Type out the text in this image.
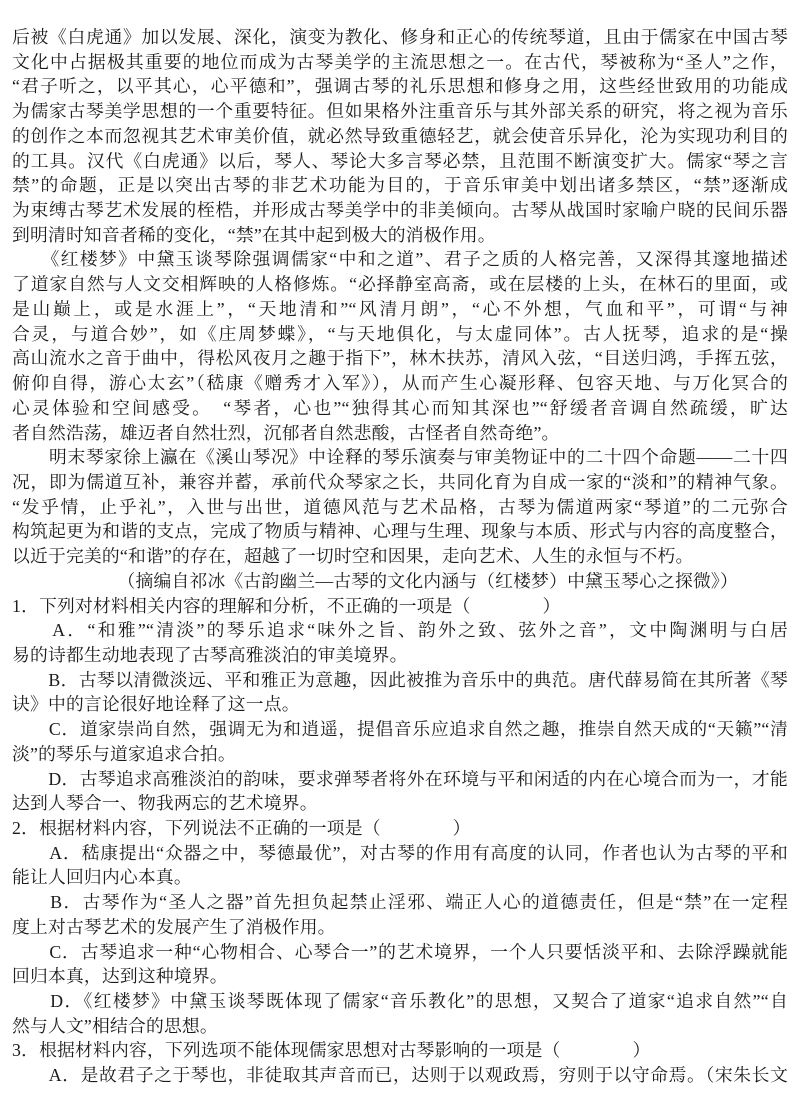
后被《白虎通》加以发展、深化，演变为教化、修身和正心的传统琴道，且由于儒家在中国古琴

文化中占据极其重要的地位而成为古琴美学的主流思想之一。在古代，琴被称为“圣人”之作，

“君子听之，以平其心，心平德和”，强调古琴的礼乐思想和修身之用，这些经世致用的功能成

为儒家古琴美学思想的一个重要特征。但如果格外注重音乐与其外部关系的研究，将之视为音乐

的创作之本而忽视其艺术审美价值，就必然导致重德轻艺，就会使音乐异化，沦为实现功利目的

的工具。汉代《白虎通》以后，琴人、琴论大多言琴必禁，且范围不断演变扩大。儒家“琴之言

禁”的命题，正是以突出古琴的非艺术功能为目的，于音乐审美中划出诸多禁区，“禁”逐渐成

为束缚古琴艺术发展的桎梏，并形成古琴美学中的非美倾向。古琴从战国时家喻户晓的民间乐器

到明清时知音者稀的变化，“禁”在其中起到极大的消极作用。

　　《红楼梦》中黛玉谈琴除强调儒家“中和之道”、君子之质的人格完善，又深得其邃地描述

了道家自然与人文交相辉映的人格修炼。“必择静室高斋，或在层楼的上头，在林石的里面，或

是山巅上，或是水涯上”，“天地清和”“风清月朗”，“心不外想，气血和平”，可谓“与神

合灵，与道合妙”，如《庄周梦蝶》，“与天地俱化，与太虚同体”。古人抚琴，追求的是“操

高山流水之音于曲中，得松风夜月之趣于指下”，林木扶苏，清风入弦，“目送归鸿，手挥五弦，

俯仰自得，游心太玄”（嵇康《赠秀才入军》），从而产生心凝形释、包容天地、与万化冥合的

心灵体验和空间感受。　“琴者，心也”“独得其心而知其深也”“舒缓者音调自然疏缓，旷达

者自然浩荡，雄迈者自然壮烈，沉郁者自然悲酸，古怪者自然奇绝”。

　　明末琴家徐上瀛在《溪山琴况》中诠释的琴乐演奏与审美物证中的二十四个命题——二十四

况，即为儒道互补，兼容并蓄，承前代众琴家之长，共同化育为自成一家的“淡和”的精神气象。

“发乎情，止乎礼”，入世与出世，道德风范与艺术品格，古琴为儒道两家“琴道”的二元弥合

构筑起更为和谐的支点，完成了物质与精神、心理与生理、现象与本质、形式与内容的高度整合，

以近于完美的“和谐”的存在，超越了一切时空和因果，走向艺术、人生的永恒与不朽。

（摘编自祁冰《古韵幽兰—古琴的文化内涵与（红楼梦）中黛玉琴心之探微》）

1．下列对材料相关内容的理解和分析，不正确的一项是（　　　　）

　　A．“和雅”“清淡”的琴乐追求“味外之旨、韵外之致、弦外之音”，文中陶渊明与白居

易的诗都生动地表现了古琴高雅淡泊的审美境界。

　　B．古琴以清微淡远、平和雅正为意趣，因此被推为音乐中的典范。唐代薛易简在其所著《琴

诀》中的言论很好地诠释了这一点。

　　C．道家崇尚自然，强调无为和逍遥，提倡音乐应追求自然之趣，推崇自然天成的“天籁”“清

淡”的琴乐与道家追求合拍。

　　D．古琴追求高雅淡泊的韵味，要求弹琴者将外在环境与平和闲适的内在心境合而为一，才能

达到人琴合一、物我两忘的艺术境界。

2．根据材料内容，下列说法不正确的一项是（　　　　）

　　A．嵇康提出“众器之中，琴德最优”，对古琴的作用有高度的认同，作者也认为古琴的平和

能让人回归内心本真。

　　B．古琴作为“圣人之器”首先担负起禁止淫邪、端正人心的道德责任，但是“禁”在一定程

度上对古琴艺术的发展产生了消极作用。

　　C．古琴追求一种“心物相合、心琴合一”的艺术境界，一个人只要恬淡平和、去除浮躁就能

回归本真，达到这种境界。

　　D．《红楼梦》中黛玉谈琴既体现了儒家“音乐教化”的思想，又契合了道家“追求自然”“自

然与人文”相结合的思想。

3．根据材料内容，下列选项不能体现儒家思想对古琴影响的一项是（　　　　）

　　A．是故君子之于琴也，非徒取其声音而已，达则于以观政焉，穷则于以守命焉。（宋朱长文
